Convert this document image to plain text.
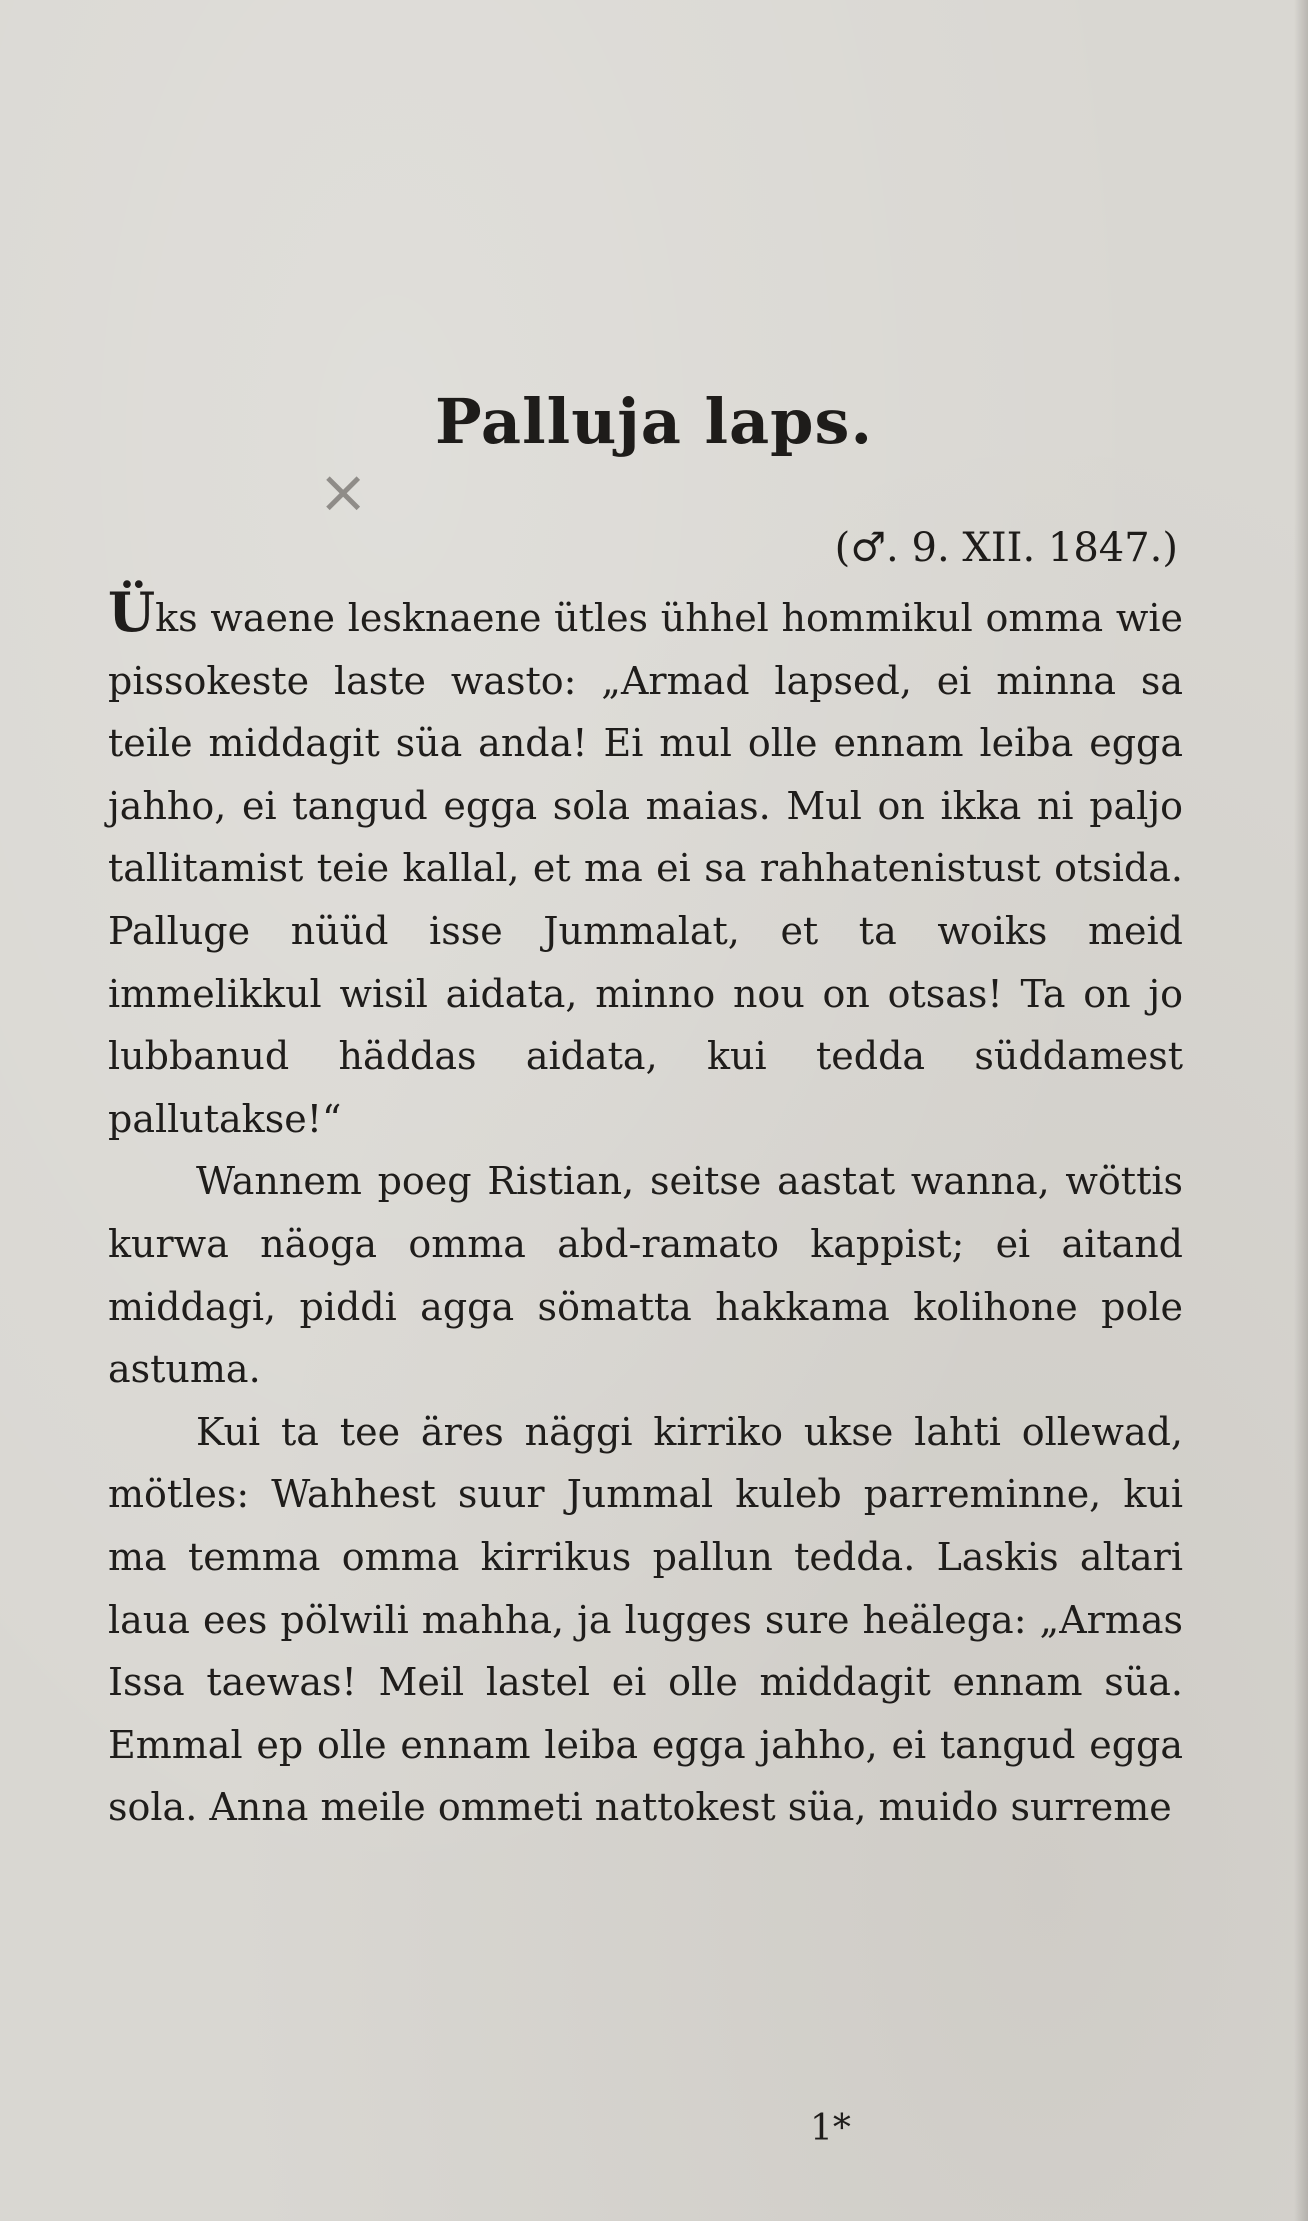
×
Palluja laps.

(♂. 9. XII. 1847.)

Üks waene lesknaene ütles ühhel hommikul omma wie pissokeste laste wasto: „Armad lapsed, ei minna sa teile middagit süa anda! Ei mul olle ennam leiba egga jahho, ei tangud egga sola maias. Mul on ikka ni paljo tallitamist teie kallal, et ma ei sa rahhatenistust otsida. Palluge nüüd isse Jummalat, et ta woiks meid immelikkul wisil aidata, minno nou on otsas! Ta on jo lubbanud häddas aidata, kui tedda süddamest pallutakse!“

Wannem poeg Ristian, seitse aastat wanna, wöttis kurwa näoga omma abd-ramato kappist; ei aitand middagi, piddi agga sömatta hakkama kolihone pole astuma.

Kui ta tee äres näggi kirriko ukse lahti ollewad, mötles: Wahhest suur Jummal kuleb parreminne, kui ma temma omma kirrikus pallun tedda. Laskis altari laua ees pölwili mahha, ja lugges sure heälega: „Armas Issa taewas! Meil lastel ei olle middagit ennam süa. Emmal ep olle ennam leiba egga jahho, ei tangud egga sola. Anna meile ommeti nattokest süa, muido surreme

1*
